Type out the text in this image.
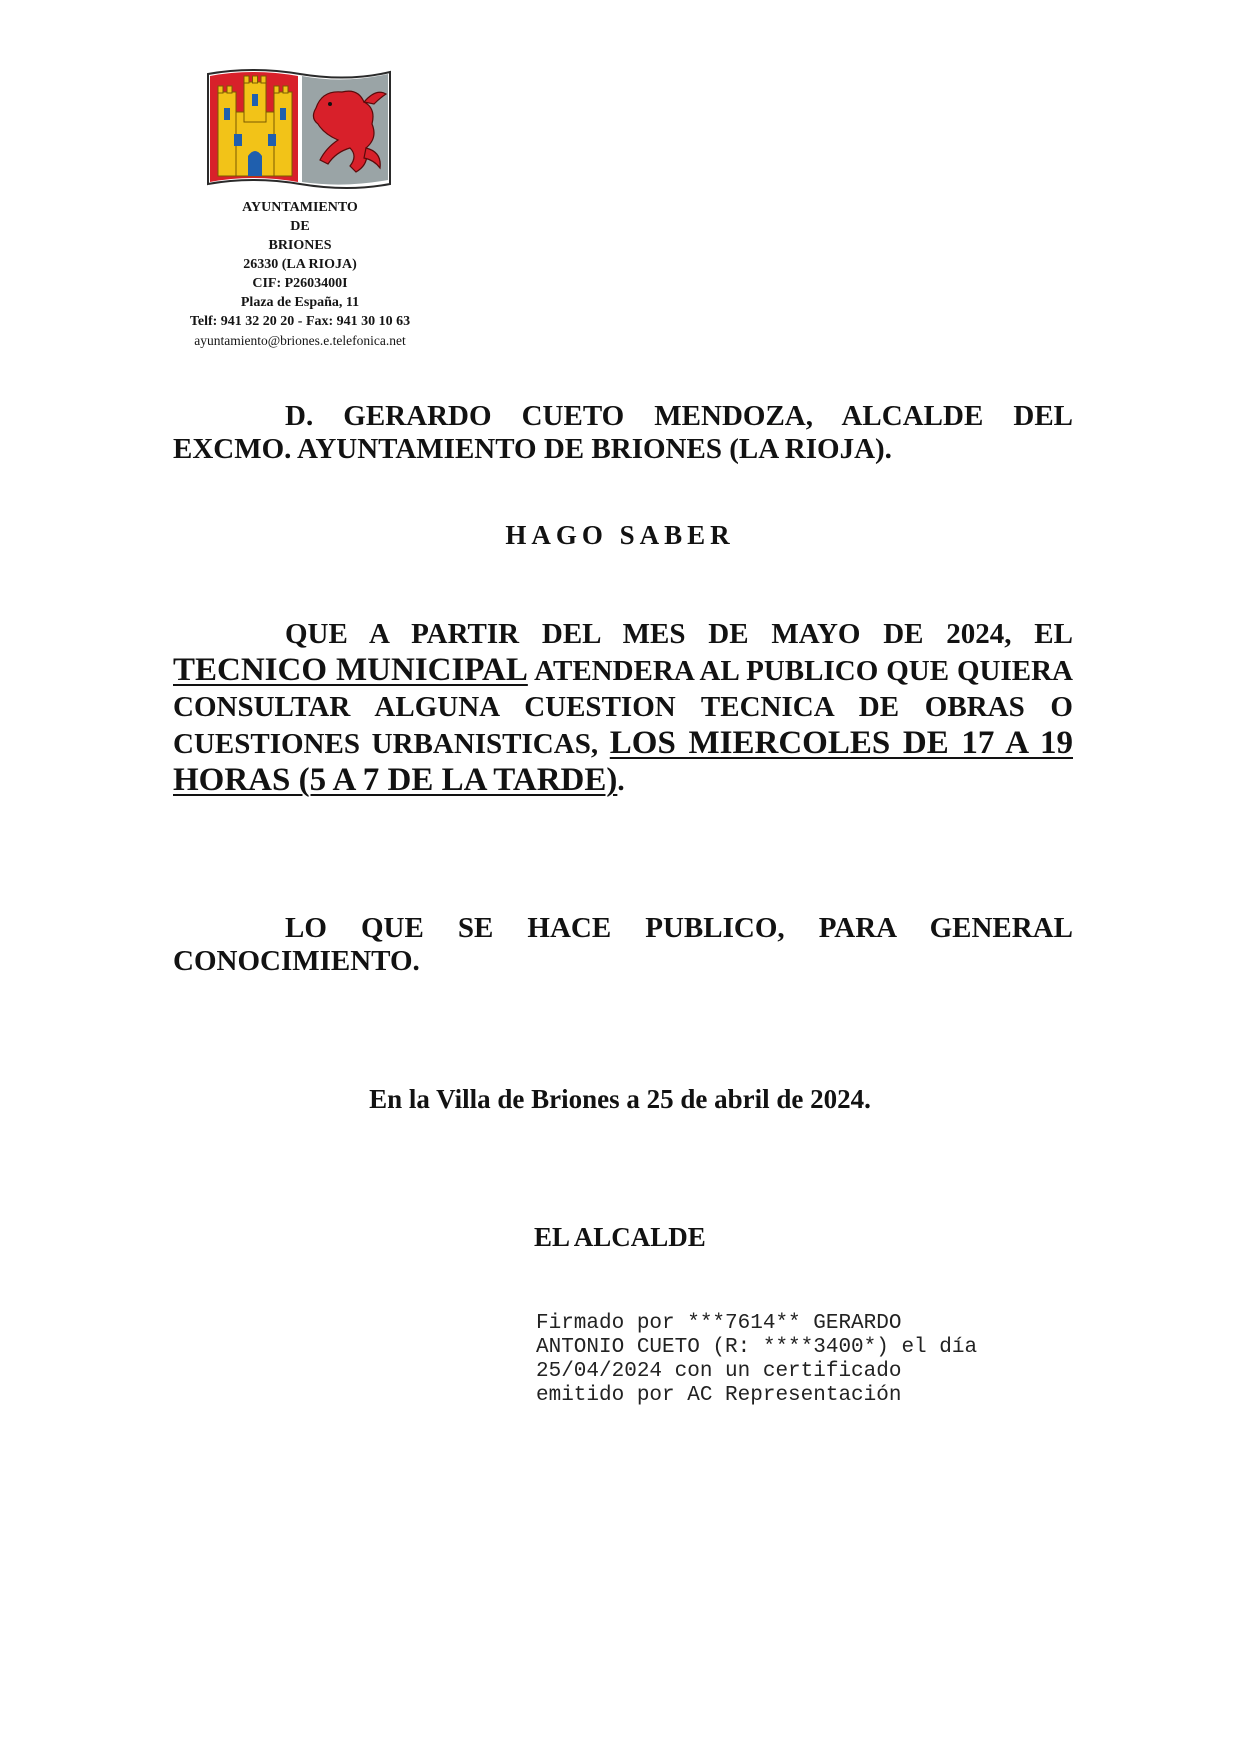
AYUNTAMIENTO
DE
BRIONES
26330 (LA RIOJA)
CIF: P2603400I
Plaza de España, 11
Telf: 941 32 20 20 - Fax: 941 30 10 63
ayuntamiento@briones.e.telefonica.net
D. GERARDO CUETO MENDOZA, ALCALDE DEL EXCMO. AYUNTAMIENTO DE BRIONES (LA RIOJA).
HAGO SABER
QUE A PARTIR DEL MES DE MAYO DE 2024, EL TECNICO MUNICIPAL ATENDERA AL PUBLICO QUE QUIERA CONSULTAR ALGUNA CUESTION TECNICA DE OBRAS O CUESTIONES URBANISTICAS, LOS MIERCOLES DE 17 A 19 HORAS (5 A 7 DE LA TARDE).
LO QUE SE HACE PUBLICO, PARA GENERAL CONOCIMIENTO.
En la Villa de Briones a 25 de abril de 2024.
EL ALCALDE
Firmado por ***7614** GERARDO
ANTONIO CUETO (R: ****3400*) el día
25/04/2024 con un certificado
emitido por AC Representación
